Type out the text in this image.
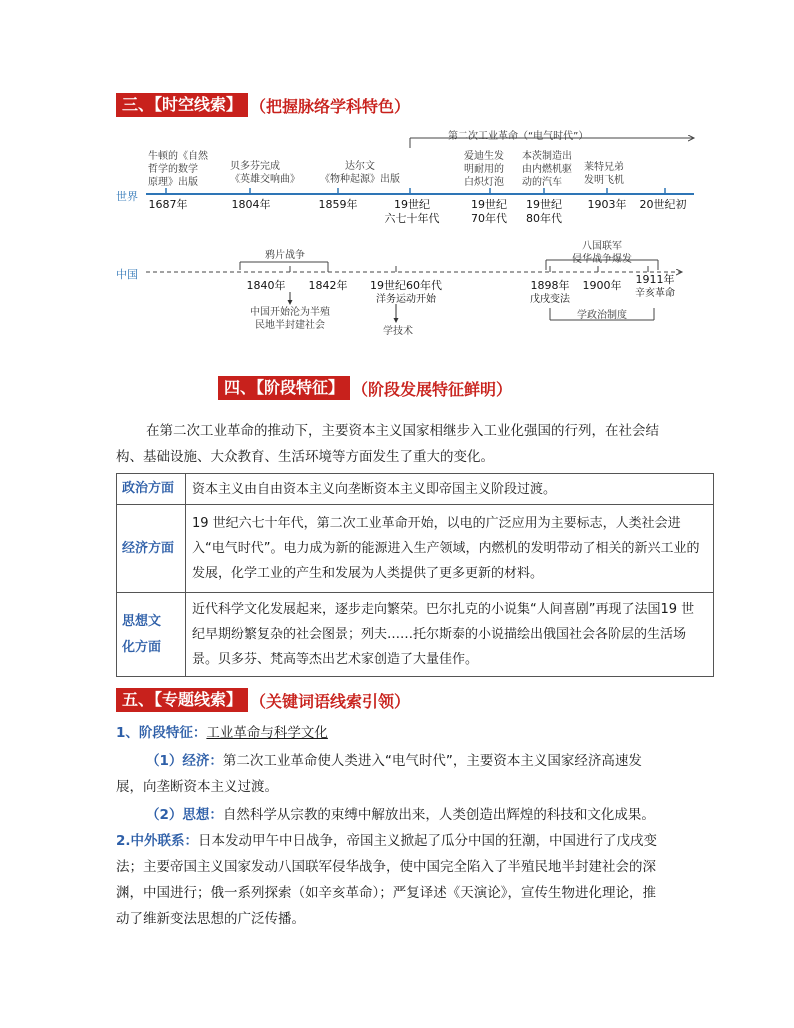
三、【时空线索】 （把握脉络学科特色）
世界
中国
第二次工业革命（“电气时代”）
牛顿的《自然
哲学的数学
原理》出版
贝多芬完成
《英雄交响曲》
达尔文
《物种起源》出版
爱迪生发
明耐用的
白炽灯泡
本茨制造出
由内燃机驱
动的汽车
莱特兄弟
发明飞机
1687年	1804年	1859年	19世纪
六七十年代
19世纪
70年代
19世纪
80年代
1903年 20世纪初
鸦片战争
八国联军
侵华战争爆发
1840年 1842年 19世纪60年代
洋务运动开始
1898年
戊戌变法
1900年 1911年
辛亥革命
中国开始沦为半殖
民地半封建社会
学技术
学政治制度
四、【阶段特征】 （阶段发展特征鲜明）
在第二次工业革命的推动下，主要资本主义国家相继步入工业化强国的行列，在社会结
构、基础设施、大众教育、生活环境等方面发生了重大的变化。
政治方面	资本主义由自由资本主义向垄断资本主义即帝国主义阶段过渡。
经济方面	19 世纪六七十年代，第二次工业革命开始，以电的广泛应用为主要标志，人类社会进入“电气时代”。电力成为新的能源进入生产领域，内燃机的发明带动了相关的新兴工业的发展，化学工业的产生和发展为人类提供了更多更新的材料。

思想文
化方面	近代科学文化发展起来，逐步走向繁荣。巴尔扎克的小说集“人间喜剧”再现了法国19 世纪早期纷繁复杂的社会图景；列夫……托尔斯泰的小说描绘出俄国社会各阶层的生活场景。贝多芬、梵高等杰出艺术家创造了大量佳作。
五、【专题线索】 （关键词语线索引领）
1、阶段特征：工业革命与科学文化
（1）经济：第二次工业革命使人类进入“电气时代”，主要资本主义国家经济高速发
展，向垄断资本主义过渡。
（2）思想：自然科学从宗教的束缚中解放出来，人类创造出辉煌的科技和文化成果。
2.中外联系：日本发动甲午中日战争，帝国主义掀起了瓜分中国的狂潮，中国进行了戊戌变
法；主要帝国主义国家发动八国联军侵华战争，使中国完全陷入了半殖民地半封建社会的深
渊，中国进行；俄一系列探索（如辛亥革命）；严复译述《天演论》，宣传生物进化理论，推
动了维新变法思想的广泛传播。
